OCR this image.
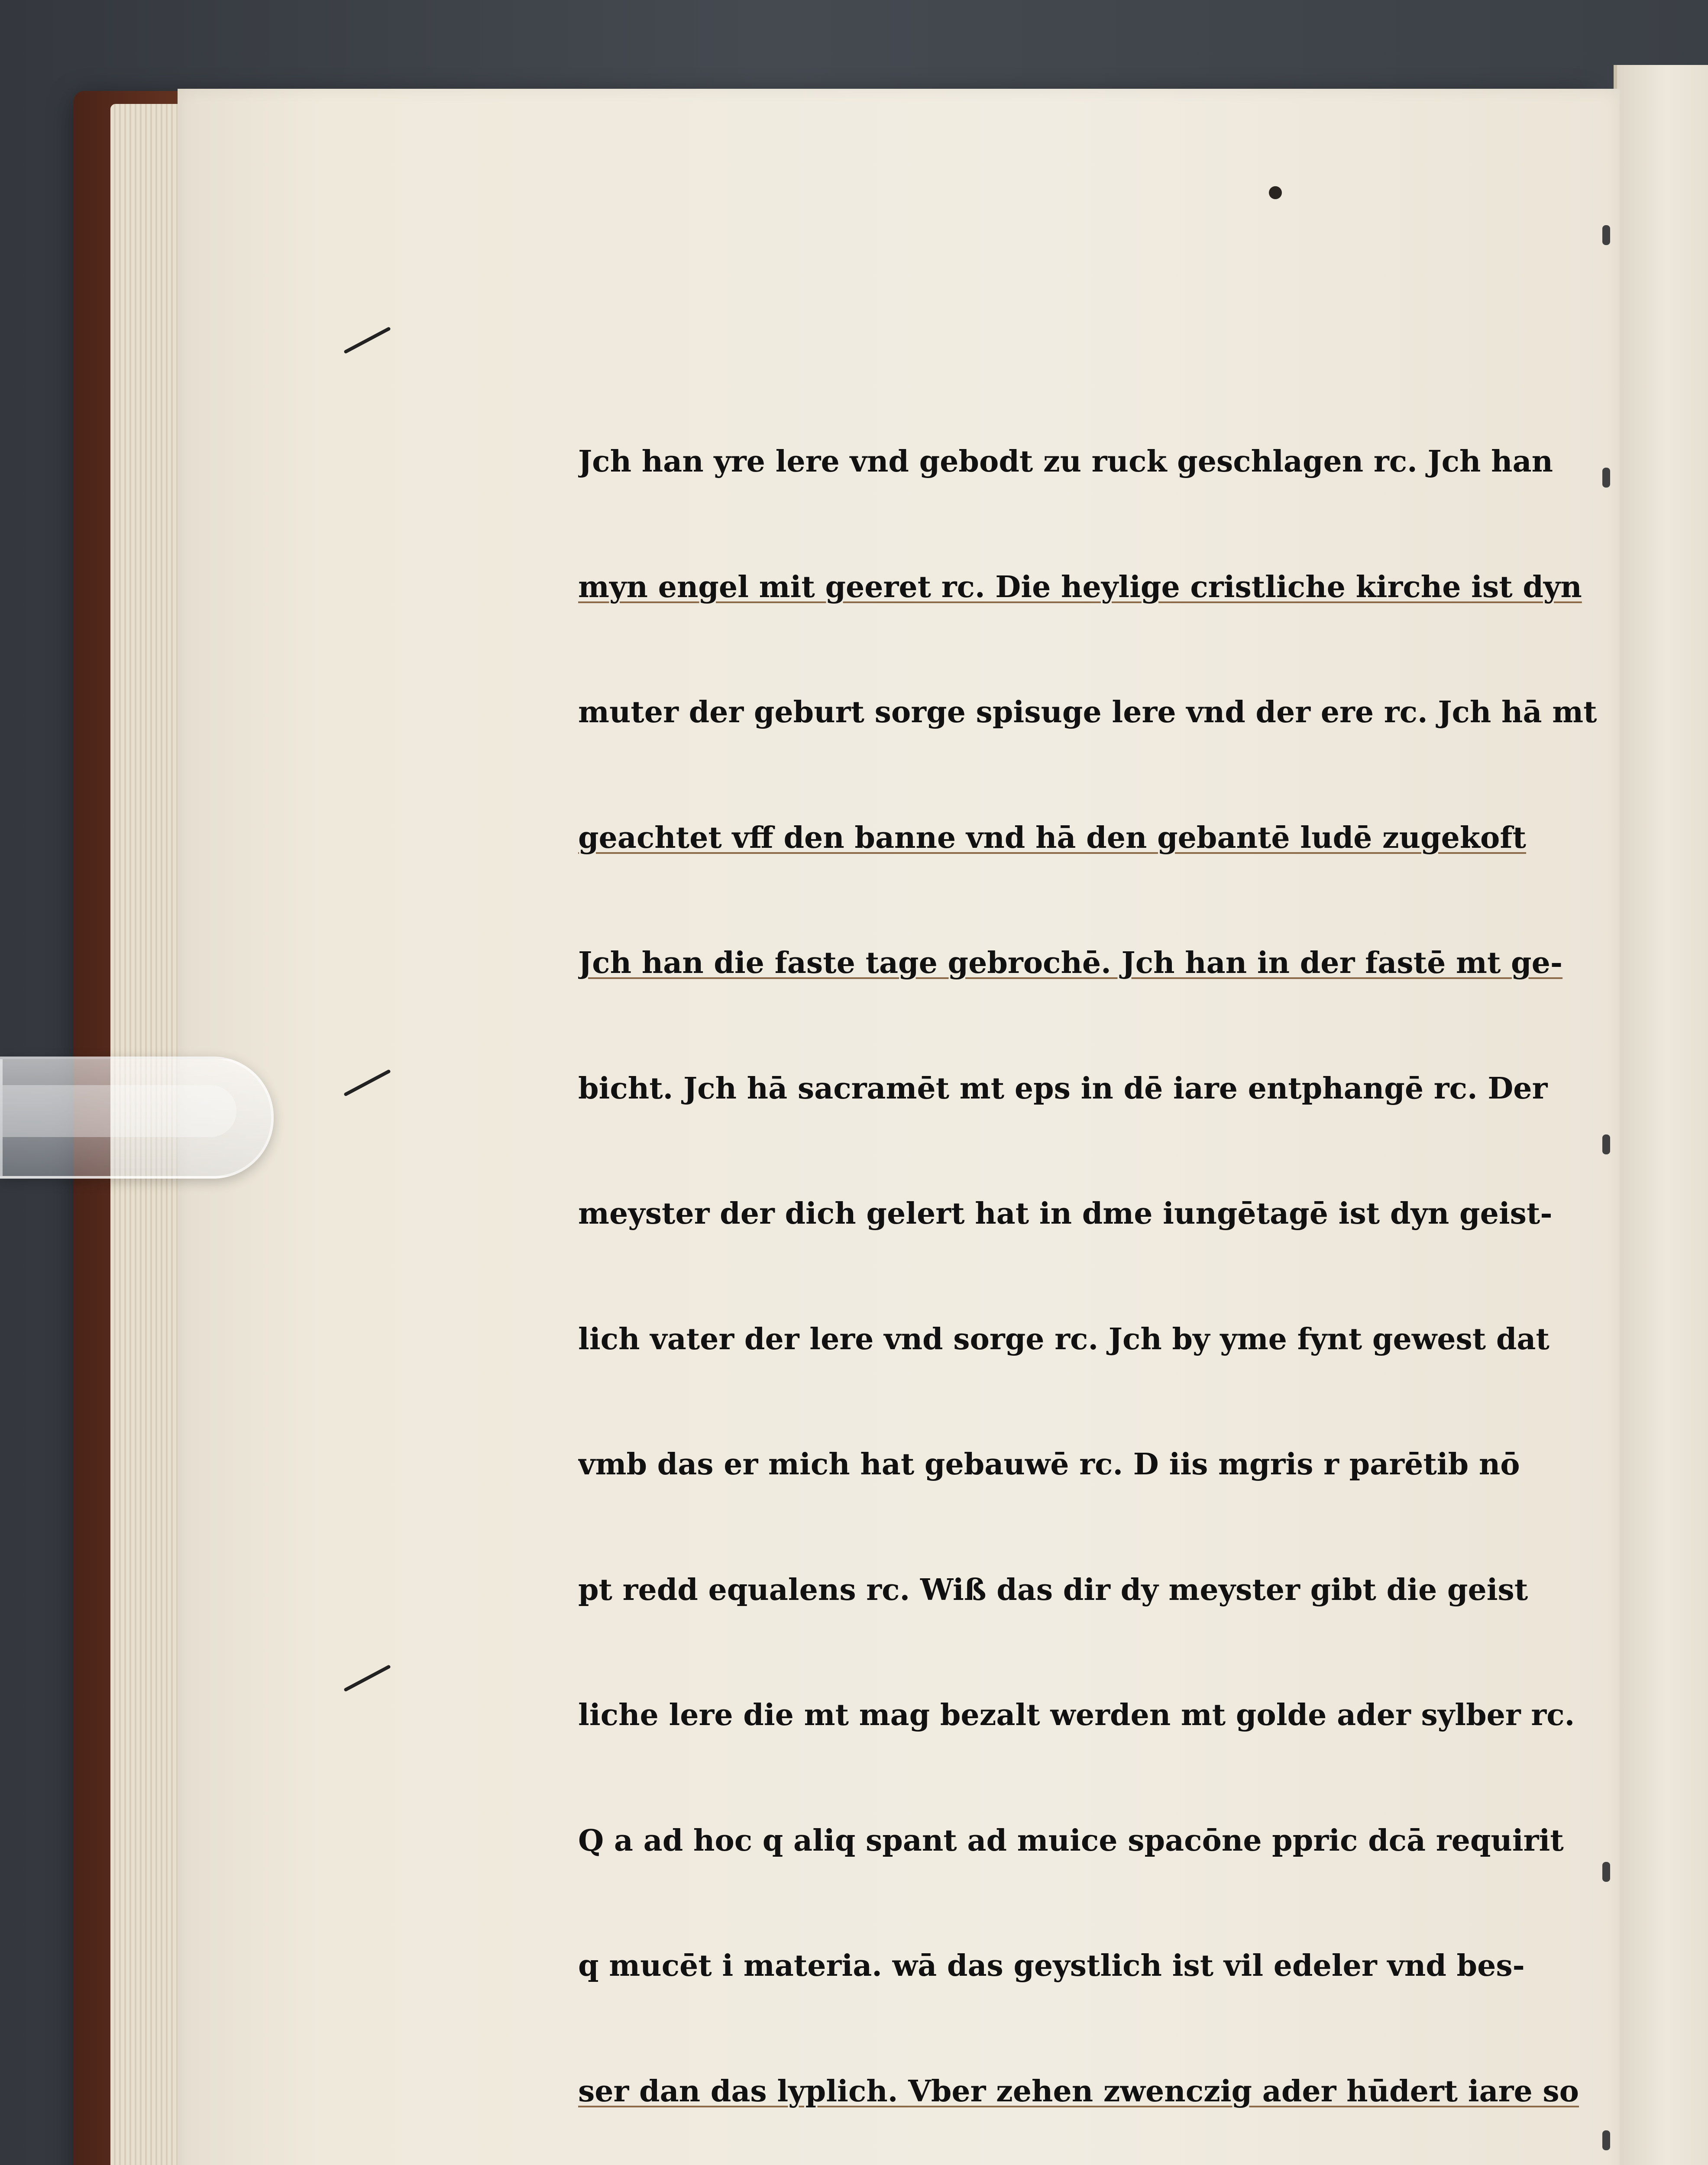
Jch han yre lere vnd gebodt zu ruck geschlagen rc. Jch han

myn engel mit geeret rc. Die heylige cristliche kirche ist dyn

muter der geburt sorge spisuge lere vnd der ere rc. Jch hā mt

geachtet vff den banne vnd hā den gebantē ludē zugekoft

Jch han die faste tage gebrochē. Jch han in der fastē mt ge-

bicht. Jch hā sacramēt mt eps in dē iare entphangē rc. Der

meyster der dich gelert hat in dme iungētagē ist dyn geist-

lich vater der lere vnd sorge rc. Jch by yme fynt gewest dat

vmb das er mich hat gebauwē rc. D iis mgris r parētib nō

pt redd equalens rc. Wiß das dir dy meyster gibt die geist

liche lere die mt mag bezalt werden mt golde ader sylber rc.

Q a ad hoc q aliq spant ad muice spacōne ppric dcā requirit

q mucēt i materia. wā das geystlich ist vil edeler vnd bes-

ser dan das lyplich. Vber zehen zwenczig ader hūdert iare so
